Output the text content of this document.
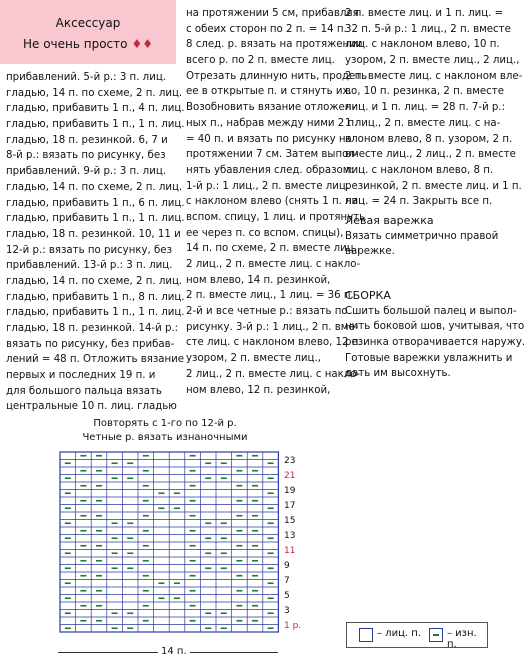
Аксессуар
Не очень просто ♦♦
прибавлений. 5-й р.: 3 п. лиц.
гладью, 14 п. по схеме, 2 п. лиц.
гладью, прибавить 1 п., 4 п. лиц.
гладью, прибавить 1 п., 1 п. лиц.
гладью, 18 п. резинкой. 6, 7 и
8-й р.: вязать по рисунку, без
прибавлений. 9-й р.: 3 п. лиц.
гладью, 14 п. по схеме, 2 п. лиц.
гладью, прибавить 1 п., 6 п. лиц.
гладью, прибавить 1 п., 1 п. лиц.
гладью, 18 п. резинкой. 10, 11 и
12-й р.: вязать по рисунку, без
прибавлений. 13-й р.: 3 п. лиц.
гладью, 14 п. по схеме, 2 п. лиц.
гладью, прибавить 1 п., 8 п. лиц.
гладью, прибавить 1 п., 1 п. лиц.
гладью, 18 п. резинкой. 14-й р.:
вязать по рисунку, без прибав-
лений = 48 п. Отложить вязание
первых и последних 19 п. и
для большого пальца вязать
центральные 10 п. лиц. гладью
на протяжении 5 см, прибавляя
с обеих сторон по 2 п. = 14 п.
8 след. р. вязать на протяжении
всего р. по 2 п. вместе лиц.
Отрезать длинную нить, продеть
ее в открытые п. и стянуть их.
Возобновить вязание отложен-
ных п., набрав между ними 2 п.
= 40 п. и вязать по рисунку на
протяжении 7 см. Затем выпол-
нять убавления след. образом:
1-й р.: 1 лиц., 2 п. вместе лиц.
с наклоном влево (снять 1 п. на
вспом. спицу, 1 лиц. и протянуть
ее через п. со вспом. спицы),
14 п. по схеме, 2 п. вместе лиц.,
2 лиц., 2 п. вместе лиц. с накло-
ном влево, 14 п. резинкой,
2 п. вместе лиц., 1 лиц. = 36 п.
2-й и все четные р.: вязать по
рисунку. 3-й р.: 1 лиц., 2 п. вме-
сте лиц. с наклоном влево, 12 п.
узором, 2 п. вместе лиц.,
2 лиц., 2 п. вместе лиц. с накло-
ном влево, 12 п. резинкой,
2 п. вместе лиц. и 1 п. лиц. =
32 п. 5-й р.: 1 лиц., 2 п. вместе
лиц. с наклоном влево, 10 п.
узором, 2 п. вместе лиц., 2 лиц.,
2 п. вместе лиц. с наклоном вле-
во, 10 п. резинка, 2 п. вместе
лиц. и 1 п. лиц. = 28 п. 7-й р.:
1 лиц., 2 п. вместе лиц. с на-
клоном влево, 8 п. узором, 2 п.
вместе лиц., 2 лиц., 2 п. вместе
лиц. с наклоном влево, 8 п.
резинкой, 2 п. вместе лиц. и 1 п.
лиц. = 24 п. Закрыть все п.
Левая варежка
Вязать симметрично правой
варежке.
СБОРКА
Сшить большой палец и выпол-
нить боковой шов, учитывая, что
резинка отворачивается наружу.
Готовые варежки увлажнить и
дать им высохнуть.
Повторять с 1-го по 12-й р.
Четные р. вязать изнаночными
– лиц. п.	– изн. п.
23
21
19
17
15
13
11
9
7
5
3
1 р.
14 п.
